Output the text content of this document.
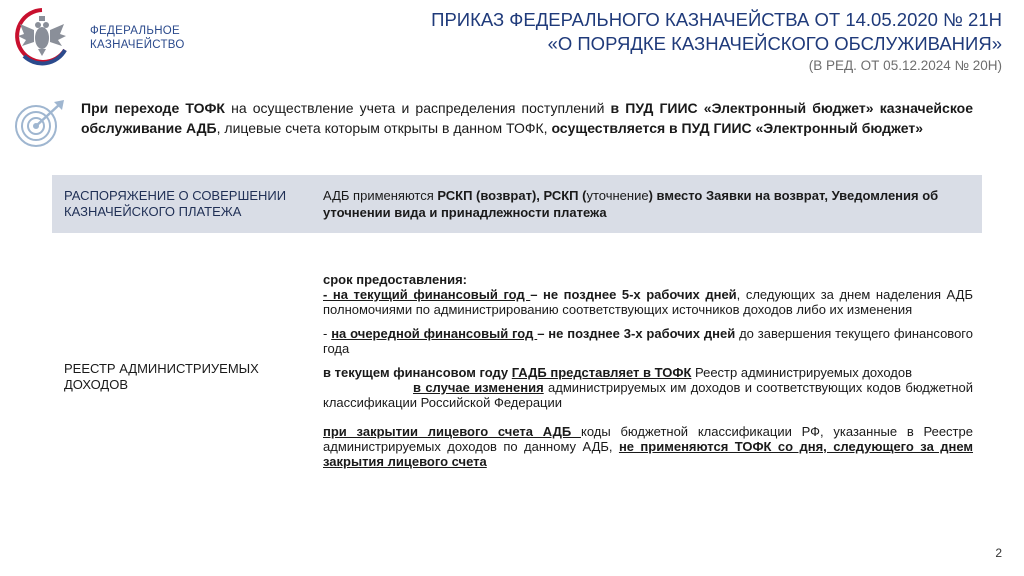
ФЕДЕРАЛЬНОЕ
КАЗНАЧЕЙСТВО
ПРИКАЗ ФЕДЕРАЛЬНОГО КАЗНАЧЕЙСТВА ОТ 14.05.2020 № 21Н
«О ПОРЯДКЕ КАЗНАЧЕЙСКОГО ОБСЛУЖИВАНИЯ»
(В РЕД. ОТ 05.12.2024 № 20Н)
При переходе ТОФК на осуществление учета и распределения поступлений в ПУД ГИИС «Электронный бюджет» казначейское обслуживание АДБ, лицевые счета которым открыты в данном ТОФК, осуществляется в ПУД ГИИС «Электронный бюджет»
РАСПОРЯЖЕНИЕ О СОВЕРШЕНИИ КАЗНАЧЕЙСКОГО ПЛАТЕЖА
АДБ применяются РСКП (возврат), РСКП (уточнение) вместо Заявки на возврат, Уведомления об уточнении вида и принадлежности платежа
РЕЕСТР АДМИНИСТРИУЕМЫХ ДОХОДОВ

срок предоставления:

- на текущий финансовый год – не позднее 5-х рабочих дней, следующих за днем наделения АДБ полномочиями по администрированию соответствующих источников доходов либо их изменения

- на очередной финансовый год – не позднее 3-х рабочих дней до завершения текущего финансового года

в текущем финансовом году ГАДБ представляет в ТОФК Реестр администрируемых доходов
в случае изменения администрируемых им доходов и соответствующих кодов бюджетной классификации Российской Федерации

при закрытии лицевого счета АДБ коды бюджетной классификации РФ, указанные в Реестре администрируемых доходов по данному АДБ, не применяются ТОФК со дня, следующего за днем закрытия лицевого счета

2
